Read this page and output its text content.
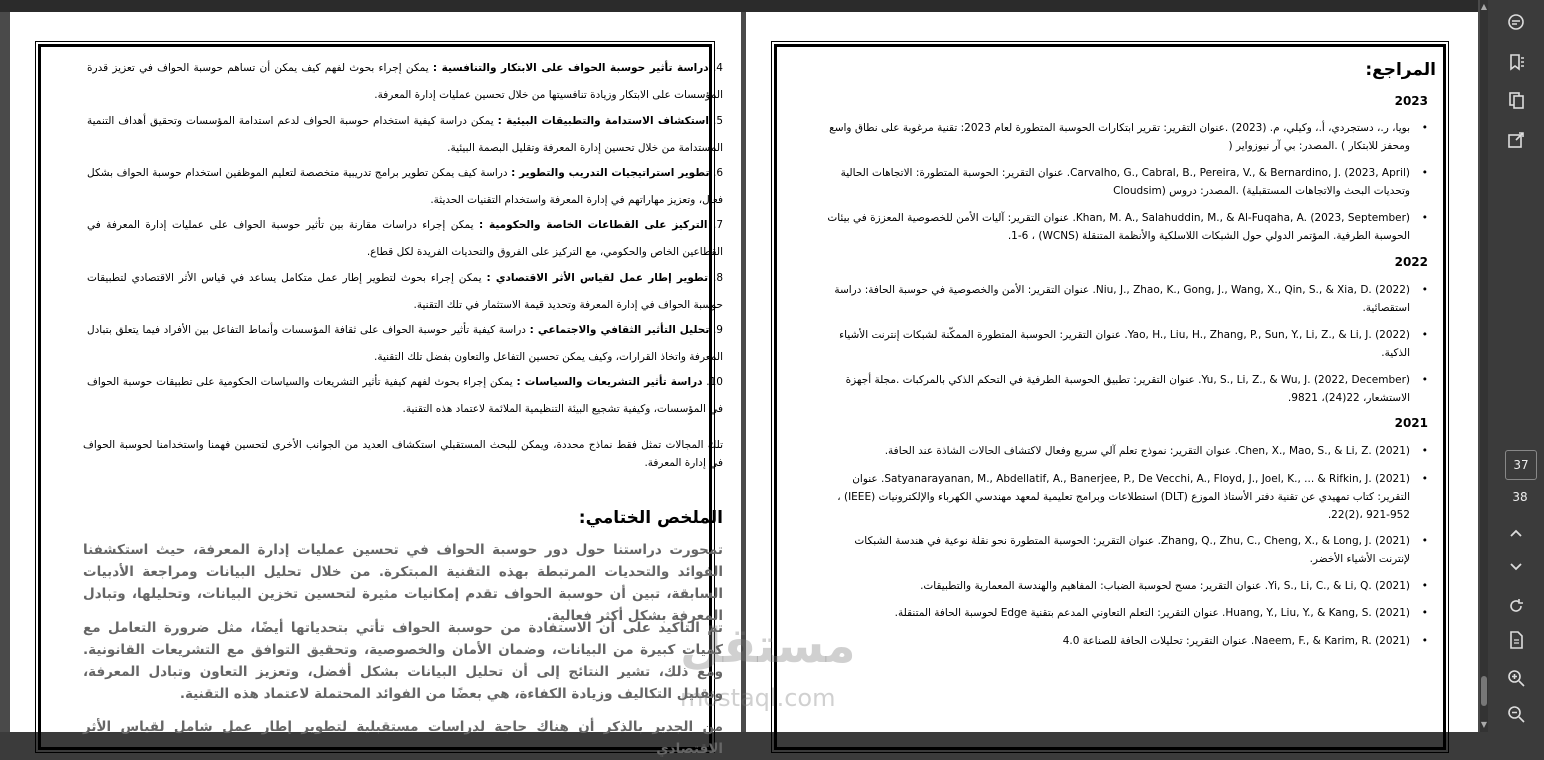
4. دراسة تأثير حوسبة الحواف على الابتكار والتنافسية : يمكن إجراء بحوث لفهم كيف يمكن أن تساهم حوسبة الحواف في تعزيز قدرة المؤسسات على الابتكار وزيادة تنافسيتها من خلال تحسين عمليات إدارة المعرفة.
5. استكشاف الاستدامة والتطبيقات البيئية : يمكن دراسة كيفية استخدام حوسبة الحواف لدعم استدامة المؤسسات وتحقيق أهداف التنمية المستدامة من خلال تحسين إدارة المعرفة وتقليل البصمة البيئية.
6. تطوير استراتيجيات التدريب والتطوير : دراسة كيف يمكن تطوير برامج تدريبية متخصصة لتعليم الموظفين استخدام حوسبة الحواف بشكل فعال، وتعزيز مهاراتهم في إدارة المعرفة واستخدام التقنيات الحديثة.
7. التركيز على القطاعات الخاصة والحكومية : يمكن إجراء دراسات مقارنة بين تأثير حوسبة الحواف على عمليات إدارة المعرفة في القطاعين الخاص والحكومي، مع التركيز على الفروق والتحديات الفريدة لكل قطاع.
8. تطوير إطار عمل لقياس الأثر الاقتصادي : يمكن إجراء بحوث لتطوير إطار عمل متكامل يساعد في قياس الأثر الاقتصادي لتطبيقات حوسبة الحواف في إدارة المعرفة وتحديد قيمة الاستثمار في تلك التقنية.
9. تحليل التأثير الثقافي والاجتماعي : دراسة كيفية تأثير حوسبة الحواف على ثقافة المؤسسات وأنماط التفاعل بين الأفراد فيما يتعلق بتبادل المعرفة واتخاذ القرارات، وكيف يمكن تحسين التفاعل والتعاون بفضل تلك التقنية.
10. دراسة تأثير التشريعات والسياسات : يمكن إجراء بحوث لفهم كيفية تأثير التشريعات والسياسات الحكومية على تطبيقات حوسبة الحواف في المؤسسات، وكيفية تشجيع البيئة التنظيمية الملائمة لاعتماد هذه التقنية.
تلك المجالات تمثل فقط نماذج محددة، ويمكن للبحث المستقبلي استكشاف العديد من الجوانب الأخرى لتحسين فهمنا واستخدامنا لحوسبة الحواف في إدارة المعرفة.
الملخص الختامي:
تمحورت دراستنا حول دور حوسبة الحواف في تحسين عمليات إدارة المعرفة، حيث استكشفنا الفوائد والتحديات المرتبطة بهذه التقنية المبتكرة. من خلال تحليل البيانات ومراجعة الأدبيات السابقة، تبين أن حوسبة الحواف تقدم إمكانيات مثيرة لتحسين تخزين البيانات، وتحليلها، وتبادل المعرفة بشكل أكثر فعالية.
تم التأكيد على أن الاستفادة من حوسبة الحواف تأتي بتحدياتها أيضًا، مثل ضرورة التعامل مع كميات كبيرة من البيانات، وضمان الأمان والخصوصية، وتحقيق التوافق مع التشريعات القانونية. ومع ذلك، تشير النتائج إلى أن تحليل البيانات بشكل أفضل، وتعزيز التعاون وتبادل المعرفة، وتقليل التكاليف وزيادة الكفاءة، هي بعضًا من الفوائد المحتملة لاعتماد هذه التقنية.
من الجدير بالذكر أن هناك حاجة لدراسات مستقبلية لتطوير إطار عمل شامل لقياس الأثر الاقتصادي
المراجع:
2023
•
بويا، ر.، دستجردي، أ.، وكيلي، م. (2023) .عنوان التقرير: تقرير ابتكارات الحوسبة المتطورة لعام 2023: تقنية مرغوبة على نطاق واسع ومحفز للابتكار ) .المصدر: بي آر نيوزواير (
•
Carvalho, G., Cabral, B., Pereira, V., & Bernardino, J. (2023, April). عنوان التقرير: الحوسبة المتطورة: الاتجاهات الحالية وتحديات البحث والاتجاهات المستقبلية) .المصدر: دروس (Cloudsim
•
Khan, M. A., Salahuddin, M., & Al-Fuqaha, A. (2023, September). عنوان التقرير: آليات الأمن للخصوصية المعززة في بيئات الحوسبة الطرفية. المؤتمر الدولي حول الشبكات اللاسلكية والأنظمة المتنقلة (WCNS) ، 1-6.
2022
•
Niu, J., Zhao, K., Gong, J., Wang, X., Qin, S., & Xia, D. (2022). عنوان التقرير: الأمن والخصوصية في حوسبة الحافة: دراسة استقصائية.
•
Yao, H., Liu, H., Zhang, P., Sun, Y., Li, Z., & Li, J. (2022). عنوان التقرير: الحوسبة المتطورة الممكّنة لشبكات إنترنت الأشياء الذكية.
•
Yu, S., Li, Z., & Wu, J. (2022, December). عنوان التقرير: تطبيق الحوسبة الطرفية في التحكم الذكي بالمركبات .مجلة أجهزة الاستشعار، 22(24)، 9821.
2021
•
Chen, X., Mao, S., & Li, Z. (2021). عنوان التقرير: نموذج تعلم آلي سريع وفعال لاكتشاف الحالات الشاذة عند الحافة.
•
Satyanarayanan, M., Abdellatif, A., Banerjee, P., De Vecchi, A., Floyd, J., Joel, K., ... & Rifkin, J. (2021). عنوان التقرير: كتاب تمهيدي عن تقنية دفتر الأستاذ الموزع (DLT) استطلاعات وبرامج تعليمية لمعهد مهندسي الكهرباء والإلكترونيات (IEEE) ، 22(2)، 921-952.
•
Zhang, Q., Zhu, C., Cheng, X., & Long, J. (2021). عنوان التقرير: الحوسبة المتطورة نحو نقلة نوعية في هندسة الشبكات لإنترنت الأشياء الأخضر.
•
Yi, S., Li, C., & Li, Q. (2021). عنوان التقرير: مسح لحوسبة الضباب: المفاهيم والهندسة المعمارية والتطبيقات.
•
Huang, Y., Liu, Y., & Kang, S. (2021). عنوان التقرير: التعلم التعاوني المدعم بتقنية Edge لحوسبة الحافة المتنقلة.
•
Naeem, F., & Karim, R. (2021). عنوان التقرير: تحليلات الحافة للصناعة 4.0
مستقل
mostaql.com
▲
▼
37
38
